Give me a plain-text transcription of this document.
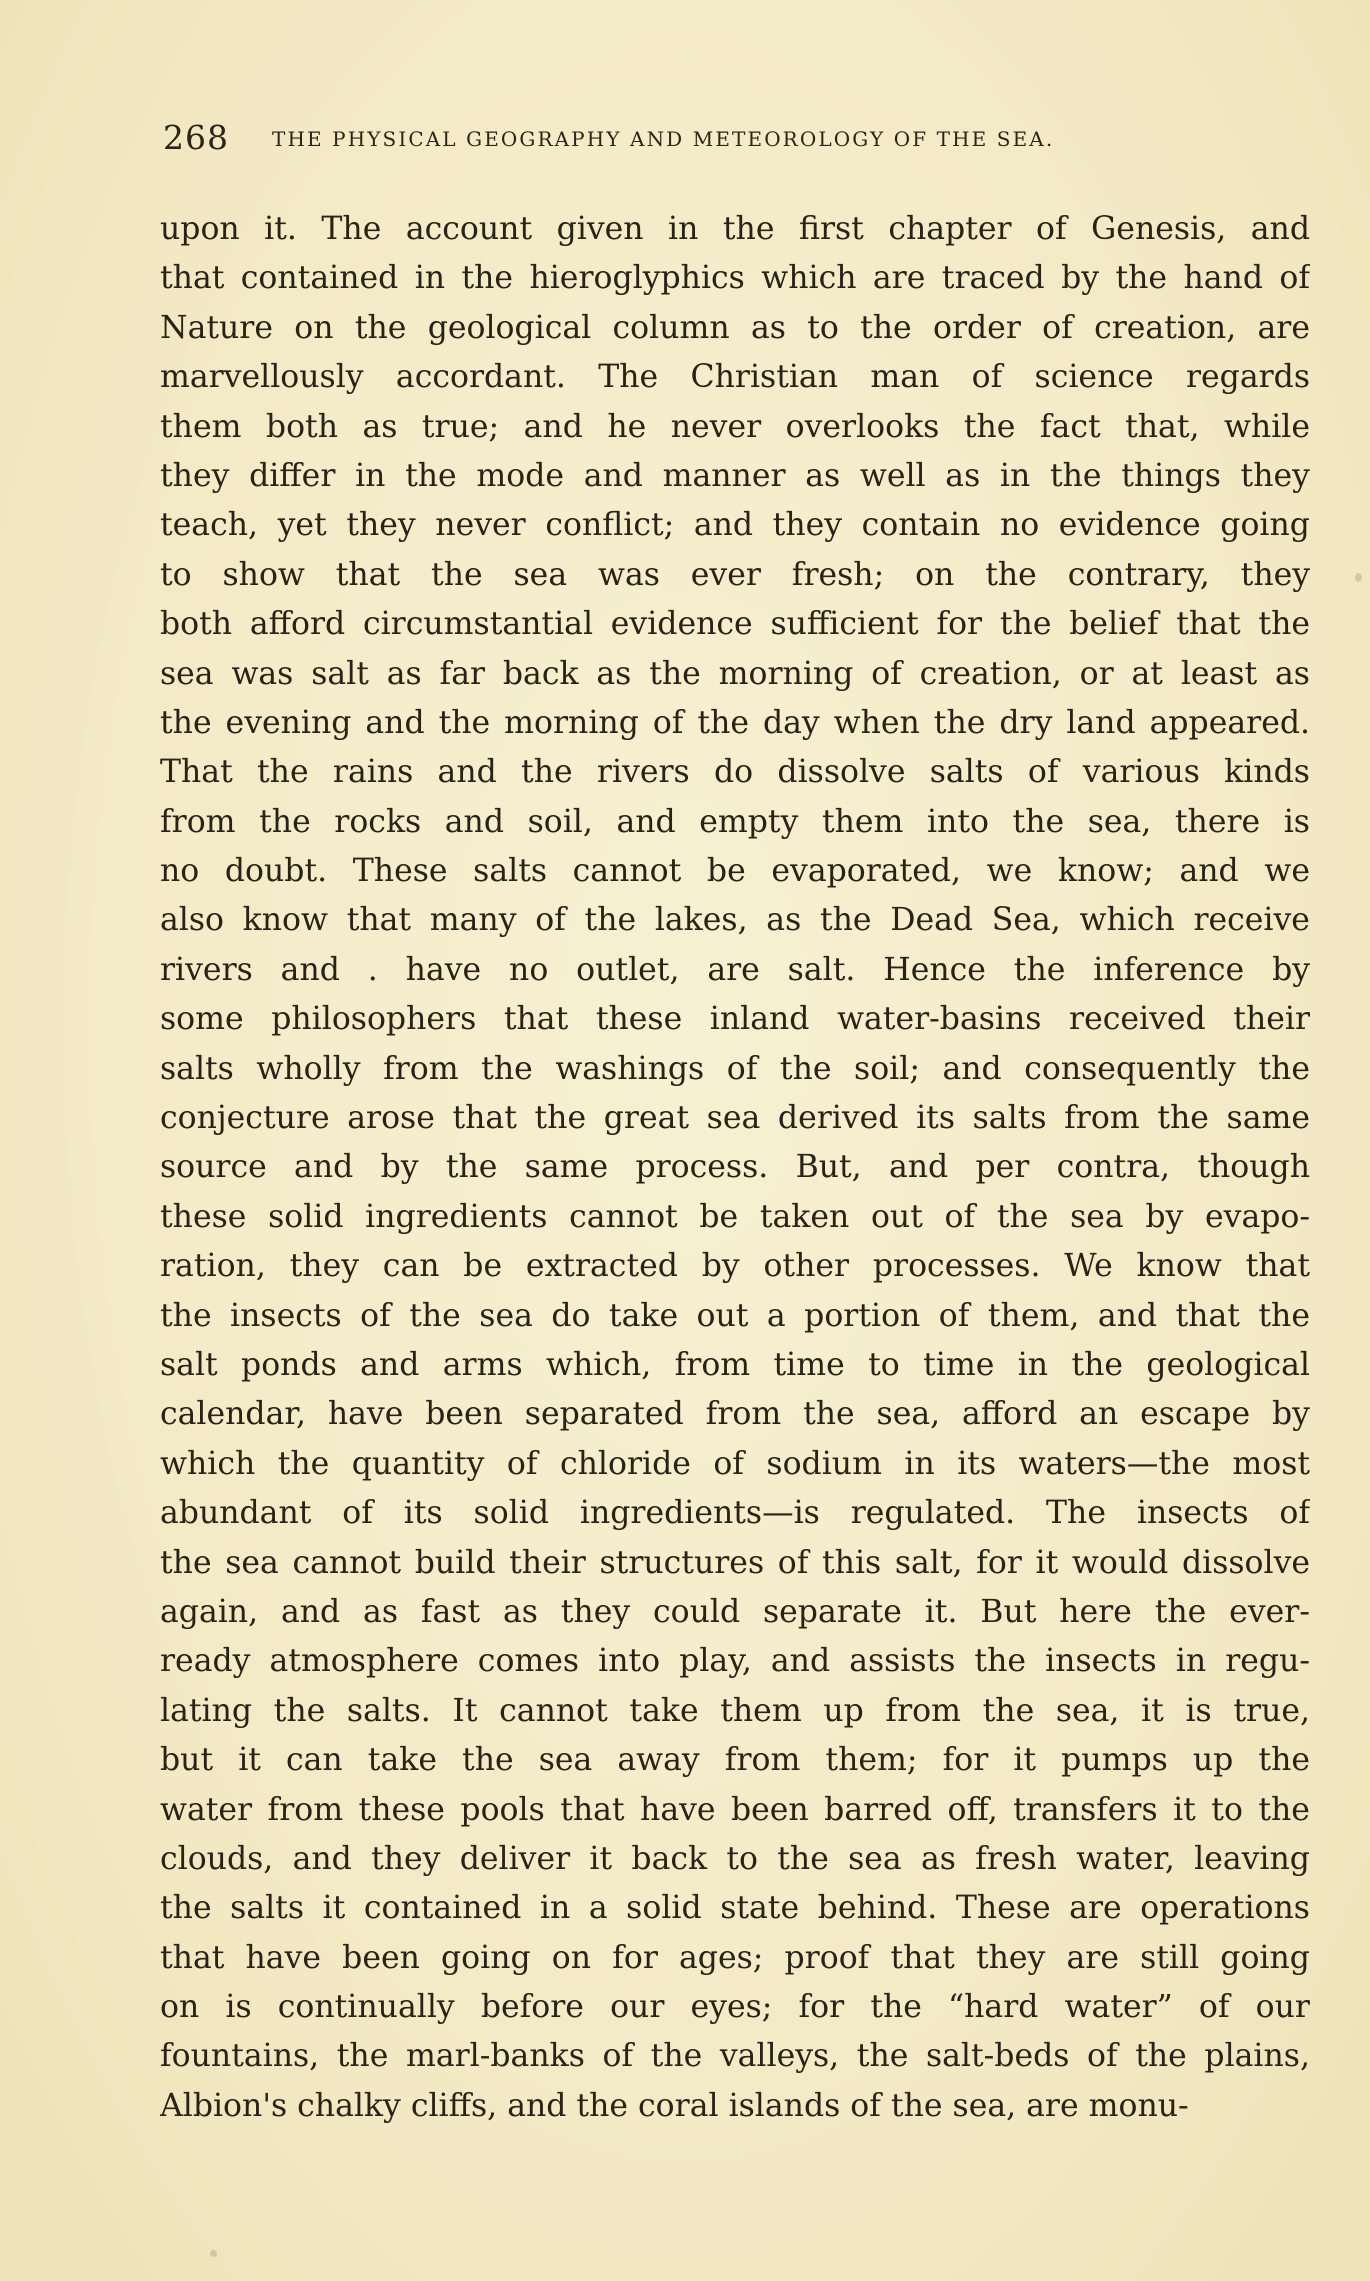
268 THE PHYSICAL GEOGRAPHY AND METEOROLOGY OF THE SEA.
upon it. The account given in the first chapter of Genesis, and
that contained in the hieroglyphics which are traced by the hand of
Nature on the geological column as to the order of creation, are
marvellously accordant. The Christian man of science regards
them both as true; and he never overlooks the fact that, while
they differ in the mode and manner as well as in the things they
teach, yet they never conflict; and they contain no evidence going
to show that the sea was ever fresh; on the contrary, they
both afford circumstantial evidence sufficient for the belief that the
sea was salt as far back as the morning of creation, or at least as
the evening and the morning of the day when the dry land appeared.
That the rains and the rivers do dissolve salts of various kinds
from the rocks and soil, and empty them into the sea, there is
no doubt. These salts cannot be evaporated, we know; and we
also know that many of the lakes, as the Dead Sea, which receive
rivers and . have no outlet, are salt. Hence the inference by
some philosophers that these inland water-basins received their
salts wholly from the washings of the soil; and consequently the
conjecture arose that the great sea derived its salts from the same
source and by the same process. But, and per contra, though
these solid ingredients cannot be taken out of the sea by evapo-
ration, they can be extracted by other processes. We know that
the insects of the sea do take out a portion of them, and that the
salt ponds and arms which, from time to time in the geological
calendar, have been separated from the sea, afford an escape by
which the quantity of chloride of sodium in its waters—the most
abundant of its solid ingredients—is regulated. The insects of
the sea cannot build their structures of this salt, for it would dissolve
again, and as fast as they could separate it. But here the ever-
ready atmosphere comes into play, and assists the insects in regu-
lating the salts. It cannot take them up from the sea, it is true,
but it can take the sea away from them; for it pumps up the
water from these pools that have been barred off, transfers it to the
clouds, and they deliver it back to the sea as fresh water, leaving
the salts it contained in a solid state behind. These are operations
that have been going on for ages; proof that they are still going
on is continually before our eyes; for the “hard water” of our
fountains, the marl-banks of the valleys, the salt-beds of the plains,
Albion's chalky cliffs, and the coral islands of the sea, are monu-
